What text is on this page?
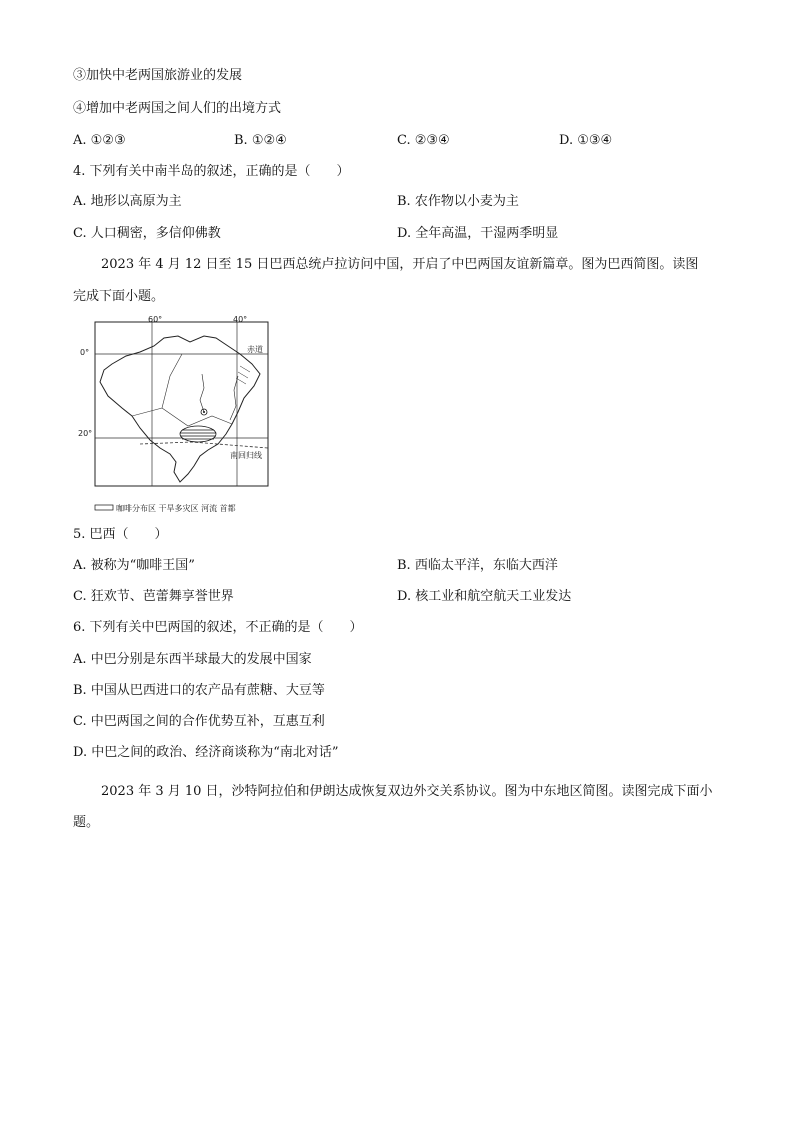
③加快中老两国旅游业的发展
④增加中老两国之间人们的出境方式
A. ①②③	B. ①②④	C. ②③④	D. ①③④
4. 下列有关中南半岛的叙述，正确的是（　　）
A. 地形以高原为主	B. 农作物以小麦为主
C. 人口稠密，多信仰佛教	D. 全年高温，干湿两季明显
2023 年 4 月 12 日至 15 日巴西总统卢拉访问中国，开启了中巴两国友谊新篇章。图为巴西简图。读图
完成下面小题。
60°	40°
0°	赤道
20°
南回归线
咖啡分布区 干旱多灾区 河流 首都
5. 巴西（　　）
A. 被称为“咖啡王国”	B. 西临太平洋，东临大西洋
C. 狂欢节、芭蕾舞享誉世界	D. 核工业和航空航天工业发达
6. 下列有关中巴两国的叙述，不正确的是（　　）
A. 中巴分别是东西半球最大的发展中国家
B. 中国从巴西进口的农产品有蔗糖、大豆等
C. 中巴两国之间的合作优势互补，互惠互利
D. 中巴之间的政治、经济商谈称为“南北对话”
2023 年 3 月 10 日，沙特阿拉伯和伊朗达成恢复双边外交关系协议。图为中东地区简图。读图完成下面小题。
